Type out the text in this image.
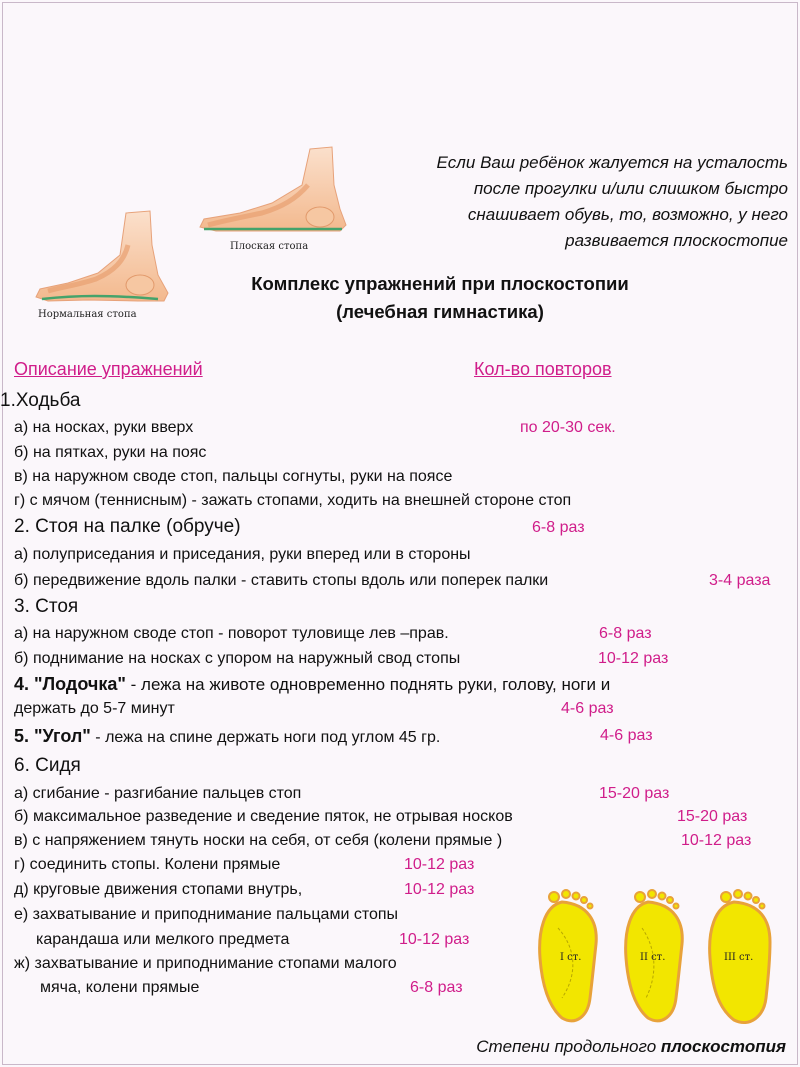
Нормальная стопа
Плоская стопа
Если Ваш ребёнок жалуется на усталость
после прогулки и/или слишком быстро
снашивает обувь, то, возможно, у него
развивается плоскостопие
Комплекс упражнений при плоскостопии
(лечебная гимнастика)
Описание упражнений	Кол-во повторов
1.Ходьба
а) на носках, руки вверх	по 20-30 сек.
б) на пятках, руки на пояс
в) на наружном своде стоп, пальцы согнуты, руки на поясе
г) с мячом (теннисным) - зажать стопами, ходить на внешней стороне стоп
2. Стоя на палке (обруче)	6-8 раз
а) полуприседания и приседания, руки вперед или в стороны
б) передвижение вдоль палки - ставить стопы вдоль или поперек палки	3-4 раза
3. Стоя
а) на наружном своде стоп - поворот туловище лев –прав.	6-8 раз
б) поднимание на носках с упором на наружный свод стопы	10-12 раз
4. "Лодочка" - лежа на животе одновременно поднять руки, голову, ноги и
держать до 5-7 минут	4-6 раз
5. "Угол" - лежа на спине держать ноги под углом 45 гр.	4-6 раз
6. Сидя
а) сгибание - разгибание пальцев стоп	15-20 раз
б) максимальное разведение и сведение пяток, не отрывая носков	15-20 раз
в) с напряжением тянуть носки на себя, от себя (колени прямые )	10-12 раз
г) соединить стопы. Колени прямые	10-12 раз
д) круговые движения стопами внутрь,	10-12 раз
е) захватывание и приподнимание пальцами стопы
карандаша или мелкого предмета	10-12 раз
ж) захватывание и приподнимание стопами малого
мяча, колени прямые	6-8 раз
I ст.	II ст.	III ст.
Степени продольного плоскостопия
